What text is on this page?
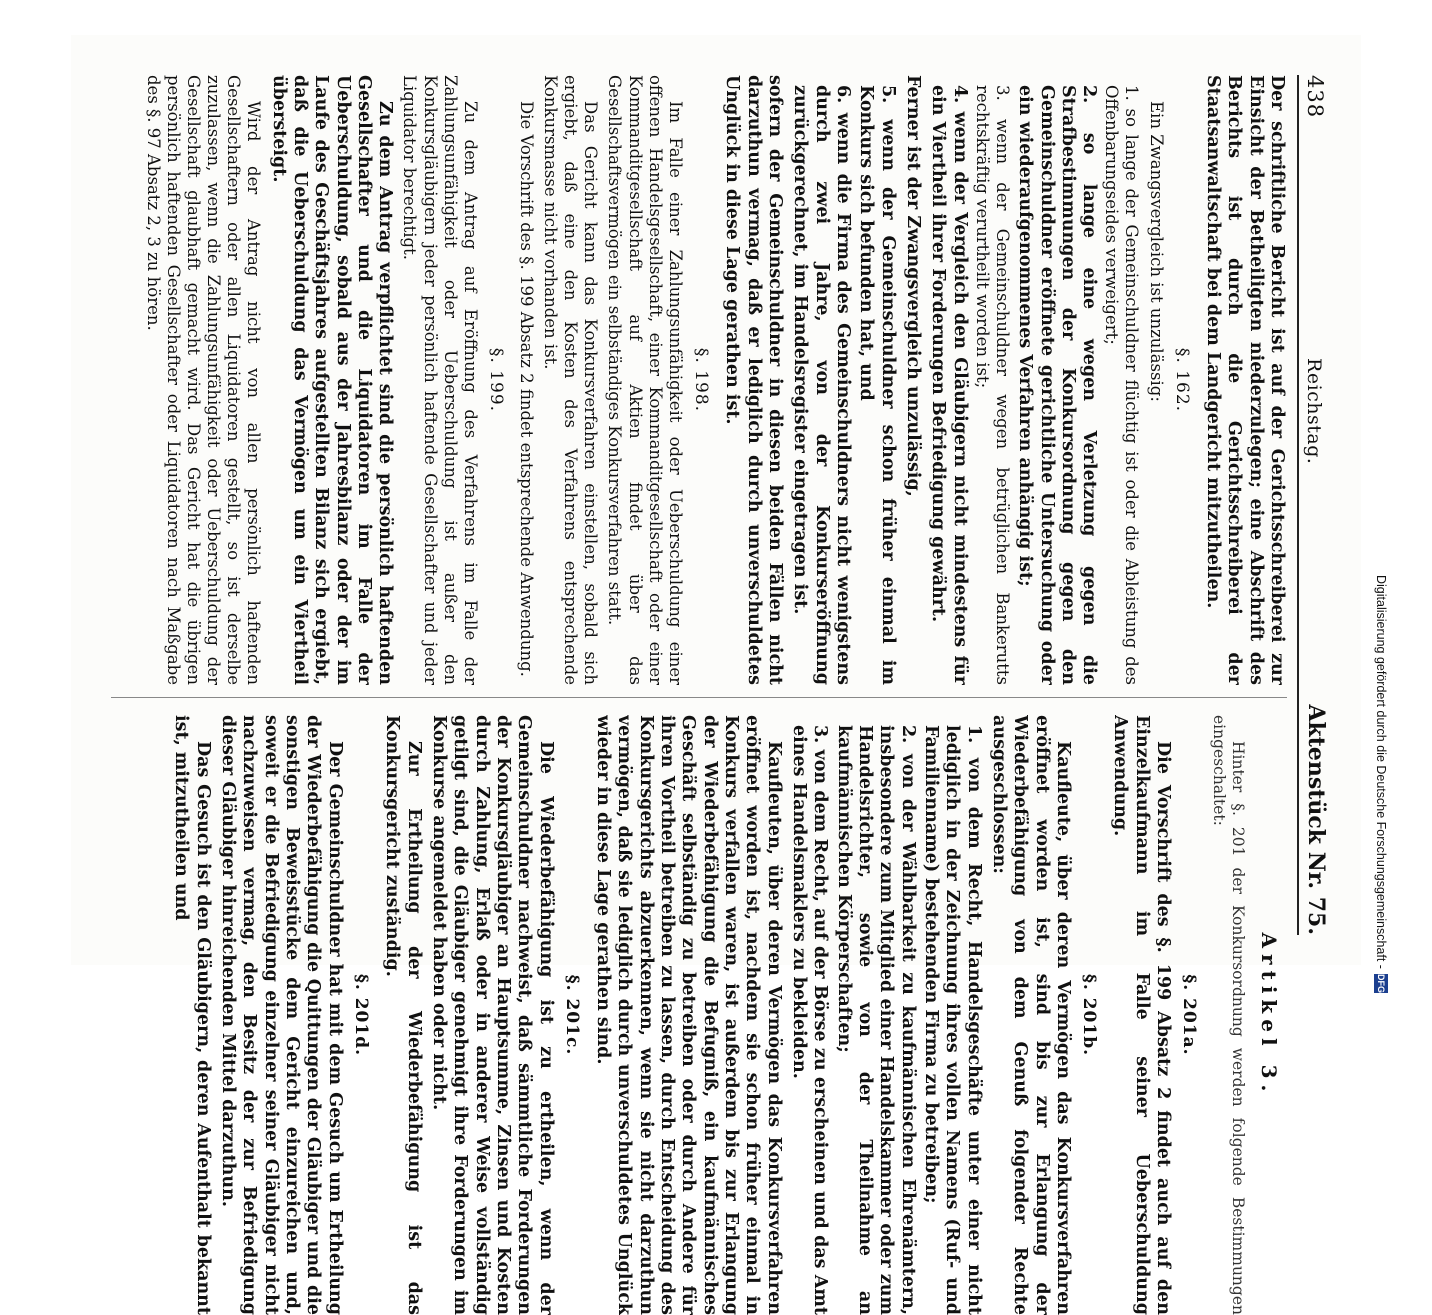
438
Reichstag.
Aktenstück Nr. 75.

Der schriftliche Bericht ist auf der Gerichtsschreiberei zur Einsicht der Betheiligten niederzulegen; eine Abschrift des Berichts ist durch die Gerichtsschreiberei der Staatsanwaltschaft bei dem Landgericht mitzutheilen.

§. 162.

Ein Zwangsvergleich ist unzulässig:

1. so lange der Gemeinschuldner flüchtig ist oder die Ableistung des Offenbarungseides verweigert;
2. so lange eine wegen Verletzung gegen die Strafbestimmungen der Konkursordnung gegen den Gemeinschuldner eröffnete gerichtliche Untersuchung oder ein wiederaufgenommenes Verfahren anhängig ist;
3. wenn der Gemeinschuldner wegen betrüglichen Bankerutts rechtskräftig verurtheilt worden ist;
4. wenn der Vergleich den Gläubigern nicht mindestens für ein Viertheil ihrer Forderungen Befriedigung gewährt.

Ferner ist der Zwangsvergleich unzulässig,

5. wenn der Gemeinschuldner schon früher einmal im Konkurs sich befunden hat, und
6. wenn die Firma des Gemeinschuldners nicht wenigstens durch zwei Jahre, von der Konkurseröffnung zurückgerechnet, im Handelsregister eingetragen ist.

sofern der Gemeinschuldner in diesen beiden Fällen nicht darzuthun vermag, daß er lediglich durch unverschuldetes Unglück in diese Lage gerathen ist.

§. 198.

Im Falle einer Zahlungsunfähigkeit oder Ueberschuldung einer offenen Handelsgesellschaft, einer Kommanditgesellschaft oder einer Kommanditgesellschaft auf Aktien findet über das Gesellschaftsvermögen ein selbständiges Konkursverfahren statt.

Das Gericht kann das Konkursverfahren einstellen, sobald sich ergiebt, daß eine den Kosten des Verfahrens entsprechende Konkursmasse nicht vorhanden ist.

Die Vorschrift des §. 199 Absatz 2 findet entsprechende Anwendung.

§. 199.

Zu dem Antrag auf Eröffnung des Verfahrens im Falle der Zahlungsunfähigkeit oder Ueberschuldung ist außer den Konkursgläubigern jeder persönlich haftende Gesellschafter und jeder Liquidator berechtigt.

Zu dem Antrag verpflichtet sind die persönlich haftenden Gesellschafter und die Liquidatoren im Falle der Ueberschuldung, sobald aus der Jahresbilanz oder der im Laufe des Geschäftsjahres aufgestellten Bilanz sich ergiebt, daß die Ueberschuldung das Vermögen um ein Viertheil übersteigt.

Wird der Antrag nicht von allen persönlich haftenden Gesellschaftern oder allen Liquidatoren gestellt, so ist derselbe zuzulassen, wenn die Zahlungsunfähigkeit oder Ueberschuldung der Gesellschaft glaubhaft gemacht wird. Das Gericht hat die übrigen persönlich haftenden Gesellschafter oder Liquidatoren nach Maßgabe des §. 97 Absatz 2, 3 zu hören.

Artikel 3.

Hinter §. 201 der Konkursordnung werden folgende Bestimmungen eingeschaltet:

§. 201a.

Die Vorschrift des §. 199 Absatz 2 findet auch auf den Einzelkaufmann im Falle seiner Ueberschuldung Anwendung.

§. 201b.

Kaufleute, über deren Vermögen das Konkursverfahren eröffnet worden ist, sind bis zur Erlangung der Wiederbefähigung von dem Genuß folgender Rechte ausgeschlossen:

1. von dem Recht, Handelsgeschäfte unter einer nicht lediglich in der Zeichnung ihres vollen Namens (Ruf- und Familienname) bestehenden Firma zu betreiben;
2. von der Wählbarkeit zu kaufmännischen Ehrenämtern, insbesondere zum Mitglied einer Handelskammer oder zum Handelsrichter, sowie von der Theilnahme an kaufmännischen Körperschaften;
3. von dem Recht, auf der Börse zu erscheinen und das Amt eines Handelsmaklers zu bekleiden.

Kaufleuten, über deren Vermögen das Konkursverfahren eröffnet worden ist, nachdem sie schon früher einmal in Konkurs verfallen waren, ist außerdem bis zur Erlangung der Wiederbefähigung die Befugniß, ein kaufmännisches Geschäft selbständig zu betreiben oder durch Andere für ihren Vortheil betreiben zu lassen, durch Entscheidung des Konkursgerichts abzuerkennen, wenn sie nicht darzuthun vermögen, daß sie lediglich durch unverschuldetes Unglück wieder in diese Lage gerathen sind.

§. 201c.

Die Wiederbefähigung ist zu ertheilen, wenn der Gemeinschuldner nachweist, daß sämmtliche Forderungen der Konkursgläubiger an Hauptsumme, Zinsen und Kosten durch Zahlung, Erlaß oder in anderer Weise vollständig getilgt sind, die Gläubiger genehmigt ihre Forderungen im Konkurse angemeldet haben oder nicht.

Zur Ertheilung der Wiederbefähigung ist das Konkursgericht zuständig.

§. 201d.

Der Gemeinschuldner hat mit dem Gesuch um Ertheilung der Wiederbefähigung die Quittungen der Gläubiger und die sonstigen Beweisstücke dem Gericht einzureichen und, soweit er die Befriedigung einzelner seiner Gläubiger nicht nachzuweisen vermag, den Besitz der zur Befriedigung dieser Gläubiger hinreichenden Mittel darzuthun.

Das Gesuch ist den Gläubigern, deren Aufenthalt bekannt ist, mitzutheilen und	Digitalisierung gefördert durch die Deutsche Forschungsgemeinschaft -
DFG
